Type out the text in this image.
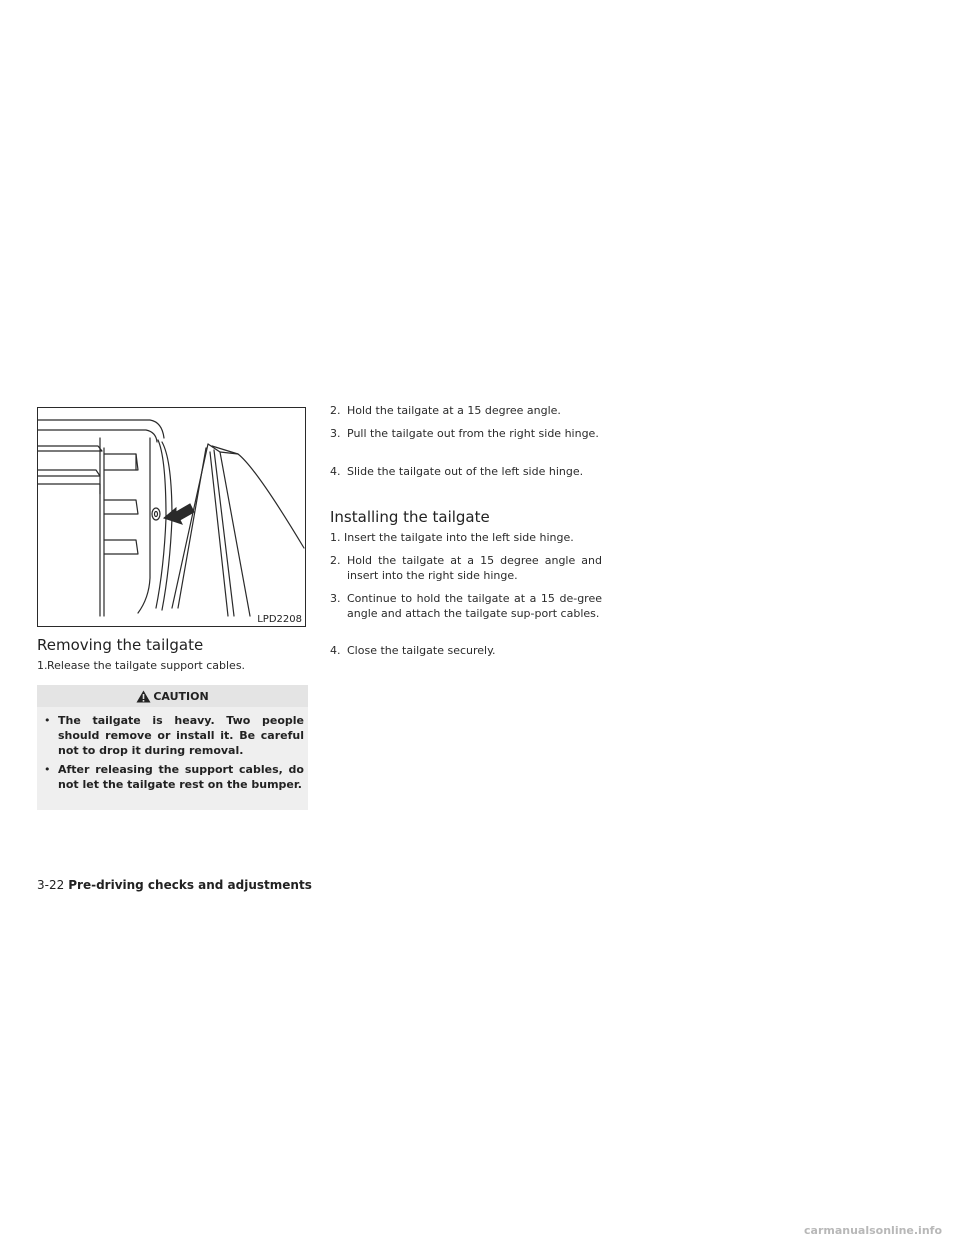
LPD2208
Removing the tailgate
1. Release the tailgate support cables.
CAUTION
• The tailgate is heavy. Two people should remove or install it. Be careful not to drop it during removal.
• After releasing the support cables, do not let the tailgate rest on the bumper.
2. Hold the tailgate at a 15 degree angle.
3. Pull the tailgate out from the right side hinge.
4. Slide the tailgate out of the left side hinge.
Installing the tailgate
1. Insert the tailgate into the left side hinge.
2. Hold the tailgate at a 15 degree angle and insert into the right side hinge.
3. Continue to hold the tailgate at a 15 de-gree angle and attach the tailgate sup-port cables.
4. Close the tailgate securely.
3-22 Pre-driving checks and adjustments
carmanualsonline.info
